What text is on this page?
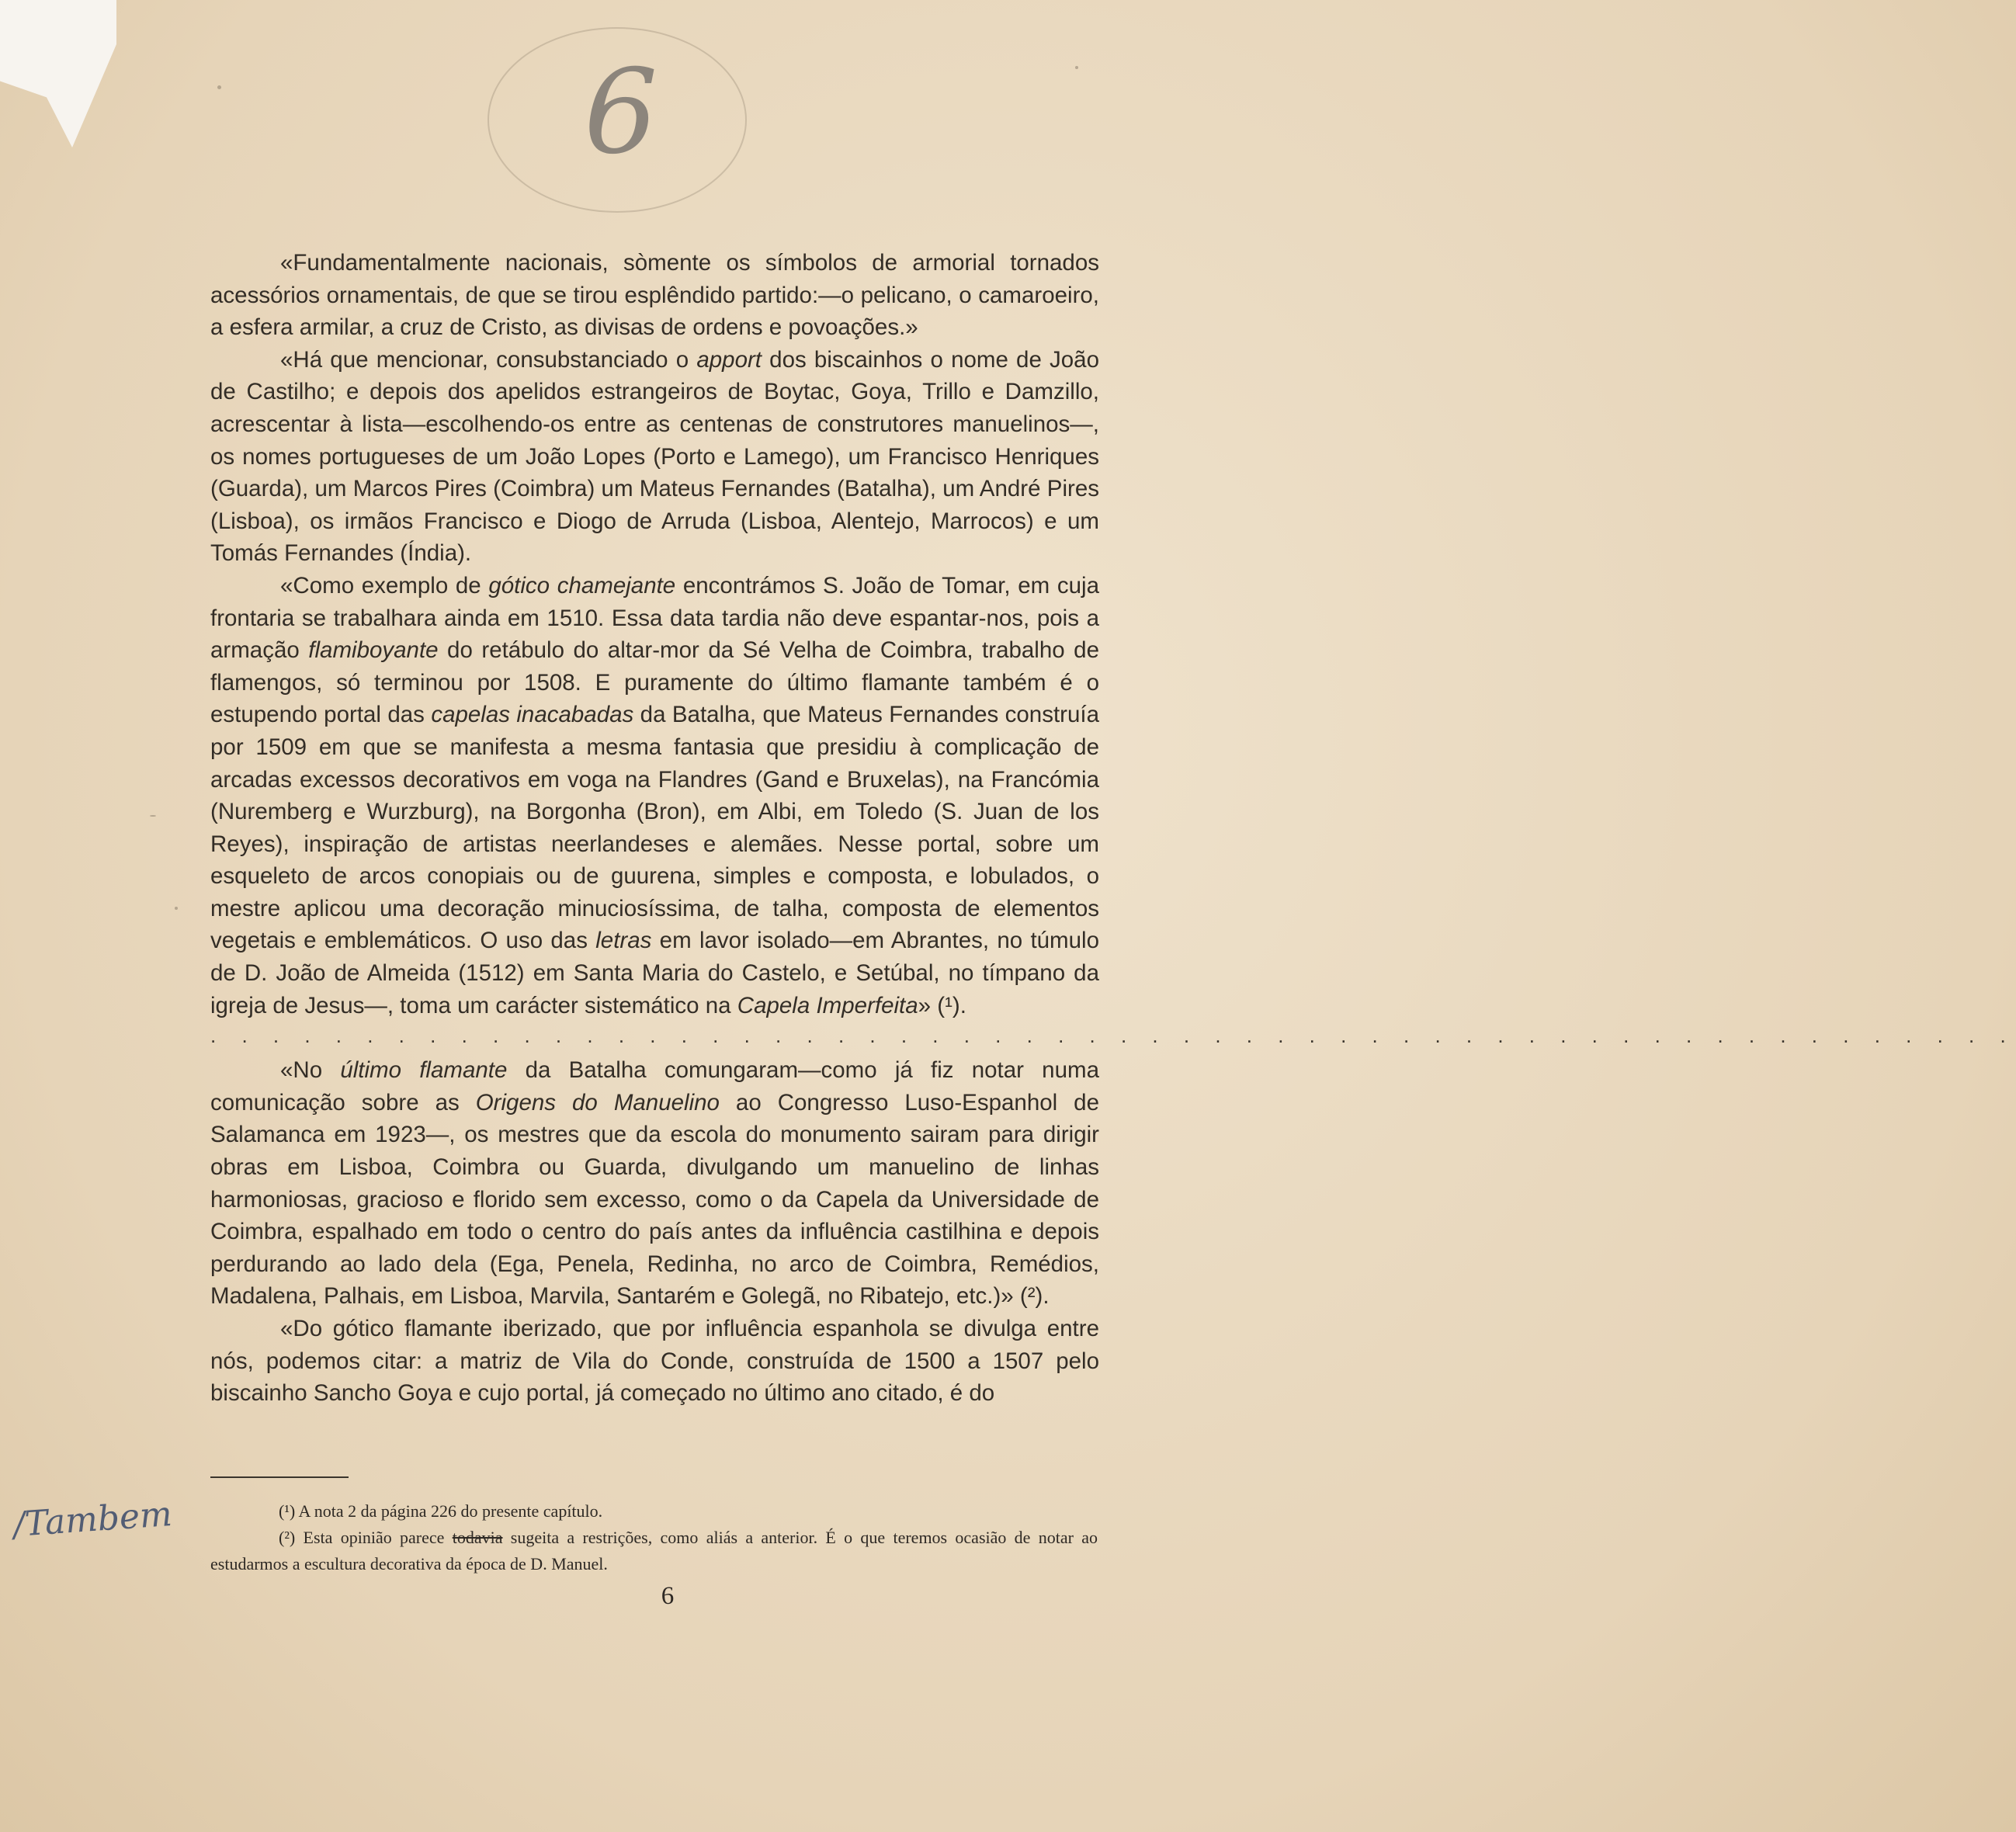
6

«Fundamentalmente nacionais, sòmente os símbolos de armorial tornados acessórios ornamentais, de que se tirou esplêndido partido:—o pelicano, o camaroeiro, a esfera armilar, a cruz de Cristo, as divisas de ordens e povoações.»

«Há que mencionar, consubstanciado o apport dos biscainhos o nome de João de Castilho; e depois dos apelidos estrangeiros de Boytac, Goya, Trillo e Damzillo, acrescentar à lista—escolhendo-os entre as centenas de construtores manuelinos—, os nomes portugueses de um João Lopes (Porto e Lamego), um Francisco Henriques (Guarda), um Marcos Pires (Coimbra) um Mateus Fernandes (Batalha), um André Pires (Lisboa), os irmãos Francisco e Diogo de Arruda (Lisboa, Alentejo, Marrocos) e um Tomás Fernandes (Índia).

«Como exemplo de gótico chamejante encontrámos S. João de Tomar, em cuja frontaria se trabalhara ainda em 1510. Essa data tardia não deve espantar-nos, pois a armação flamiboyante do retábulo do altar-mor da Sé Velha de Coimbra, trabalho de flamengos, só terminou por 1508. E puramente do último flamante também é o estupendo portal das capelas inacabadas da Batalha, que Mateus Fernandes construía por 1509 em que se manifesta a mesma fantasia que presidiu à complicação de arcadas excessos decorativos em voga na Flandres (Gand e Bruxelas), na Francómia (Nuremberg e Wurzburg), na Borgonha (Bron), em Albi, em Toledo (S. Juan de los Reyes), inspiração de artistas neerlandeses e alemães. Nesse portal, sobre um esqueleto de arcos conopiais ou de guurena, simples e composta, e lobulados, o mestre aplicou uma decoração minuciosíssima, de talha, composta de elementos vegetais e emblemáticos. O uso das letras em lavor isolado—em Abrantes, no túmulo de D. João de Almeida (1512) em Santa Maria do Castelo, e Setúbal, no tímpano da igreja de Jesus—, toma um carácter sistemático na Capela Imperfeita» (¹).

. . . . . . . . . . . . . . . . . . . . . . . . . . . . . . . . . . . . . . . . . . . . . . . . . . . . . . . . . .

«No último flamante da Batalha comungaram—como já fiz notar numa comunicação sobre as Origens do Manuelino ao Congresso Luso-Espanhol de Salamanca em 1923—, os mestres que da escola do monumento sairam para dirigir obras em Lisboa, Coimbra ou Guarda, divulgando um manuelino de linhas harmoniosas, gracioso e florido sem excesso, como o da Capela da Universidade de Coimbra, espalhado em todo o centro do país antes da influência castilhina e depois perdurando ao lado dela (Ega, Penela, Redinha, no arco de Coimbra, Remédios, Madalena, Palhais, em Lisboa, Marvila, Santarém e Golegã, no Ribatejo, etc.)» (²).

«Do gótico flamante iberizado, que por influência espanhola se divulga entre nós, podemos citar: a matriz de Vila do Conde, construída de 1500 a 1507 pelo biscainho Sancho Goya e cujo portal, já começado no último ano citado, é do

(¹) A nota 2 da página 226 do presente capítulo.

(²) Esta opinião parece todavia sugeita a restrições, como aliás a anterior. É o que teremos ocasião de notar ao estudarmos a escultura decorativa da época de D. Manuel.

6
/Tambem
